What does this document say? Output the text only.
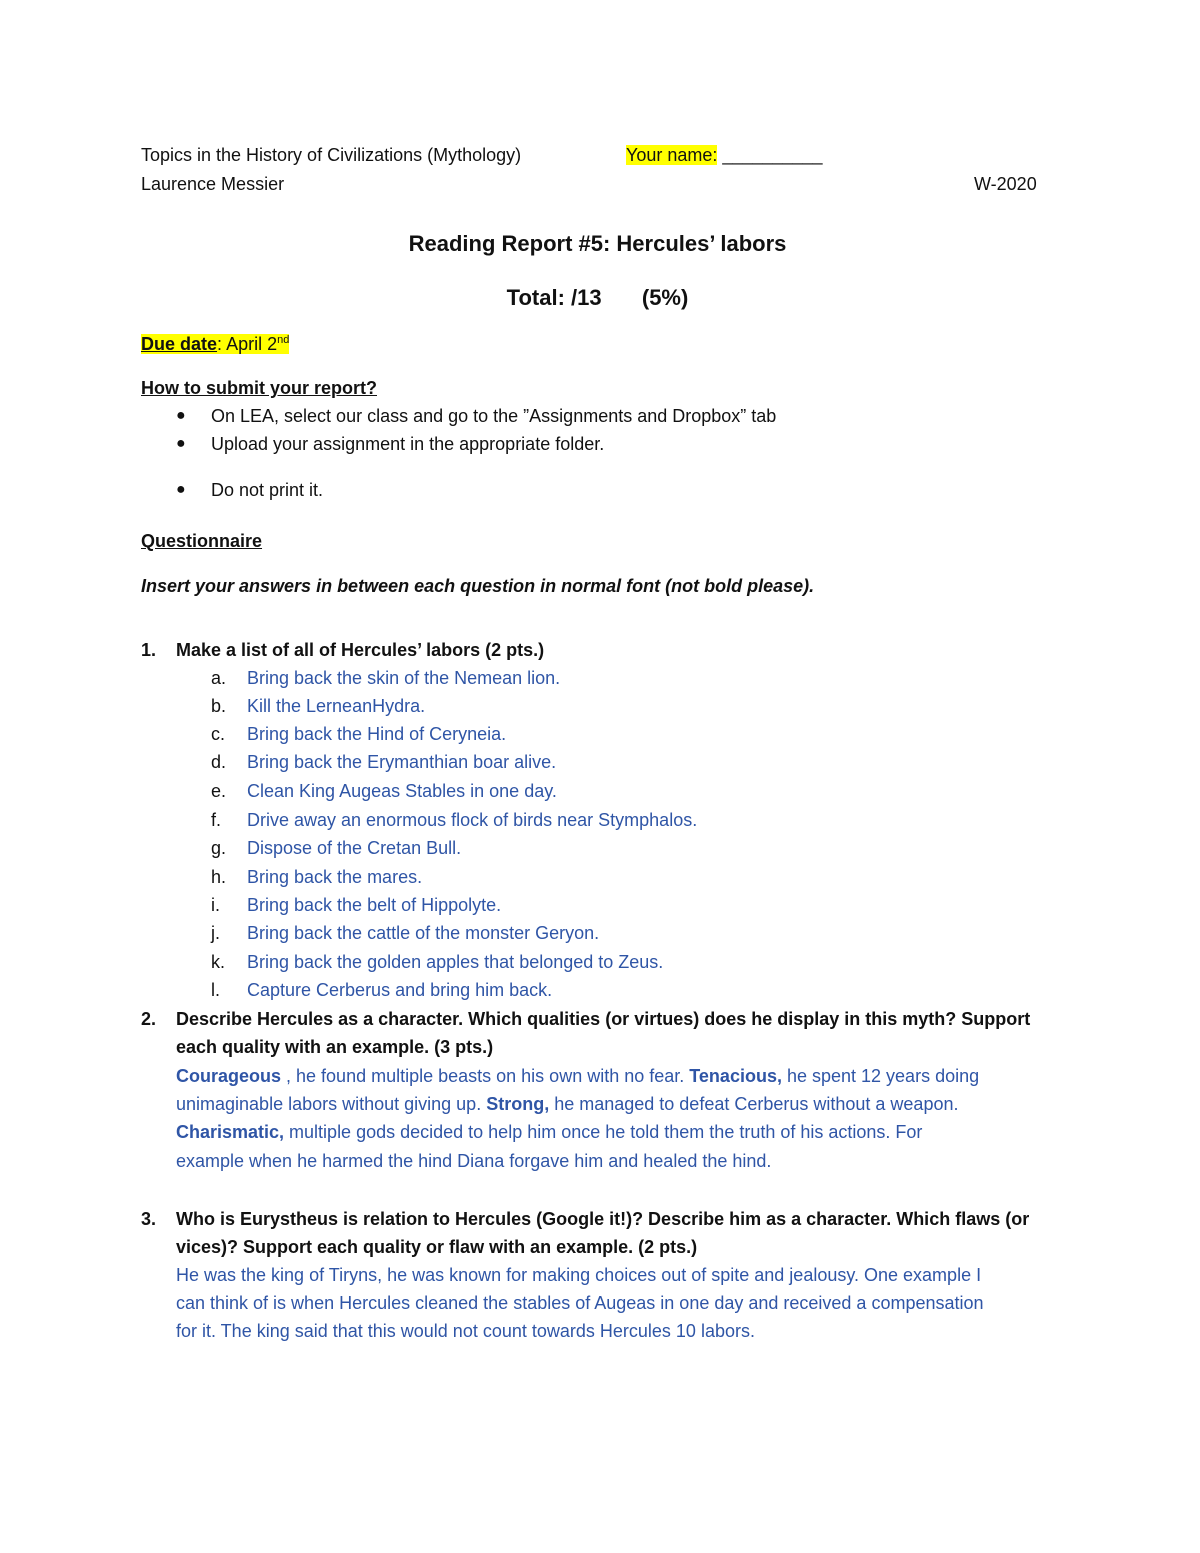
Topics in the History of Civilizations (Mythology)	Your name: __________
Laurence Messier	W-2020
Reading Report #5: Hercules’ labors
Total: /13 (5%)
Due date: April 2nd
How to submit your report?
● On LEA, select our class and go to the ”Assignments and Dropbox” tab
● Upload your assignment in the appropriate folder.
● Do not print it.
Questionnaire
Insert your answers in between each question in normal font (not bold please).
1. Make a list of all of Hercules’ labors (2 pts.)
a. Bring back the skin of the Nemean lion.
b. Kill the LerneanHydra.
c. Bring back the Hind of Ceryneia.
d. Bring back the Erymanthian boar alive.
e. Clean King Augeas Stables in one day.
f. Drive away an enormous flock of birds near Stymphalos.
g. Dispose of the Cretan Bull.
h. Bring back the mares.
i. Bring back the belt of Hippolyte.
j. Bring back the cattle of the monster Geryon.
k. Bring back the golden apples that belonged to Zeus.
l. Capture Cerberus and bring him back.
2. Describe Hercules as a character. Which qualities (or virtues) does he display in this myth? Support
each quality with an example. (3 pts.)
Courageous , he found multiple beasts on his own with no fear. Tenacious, he spent 12 years doing
unimaginable labors without giving up. Strong, he managed to defeat Cerberus without a weapon.
Charismatic, multiple gods decided to help him once he told them the truth of his actions. For
example when he harmed the hind Diana forgave him and healed the hind.
3. Who is Eurystheus is relation to Hercules (Google it!)? Describe him as a character. Which flaws (or
vices)? Support each quality or flaw with an example. (2 pts.)
He was the king of Tiryns, he was known for making choices out of spite and jealousy. One example I
can think of is when Hercules cleaned the stables of Augeas in one day and received a compensation
for it. The king said that this would not count towards Hercules 10 labors.
